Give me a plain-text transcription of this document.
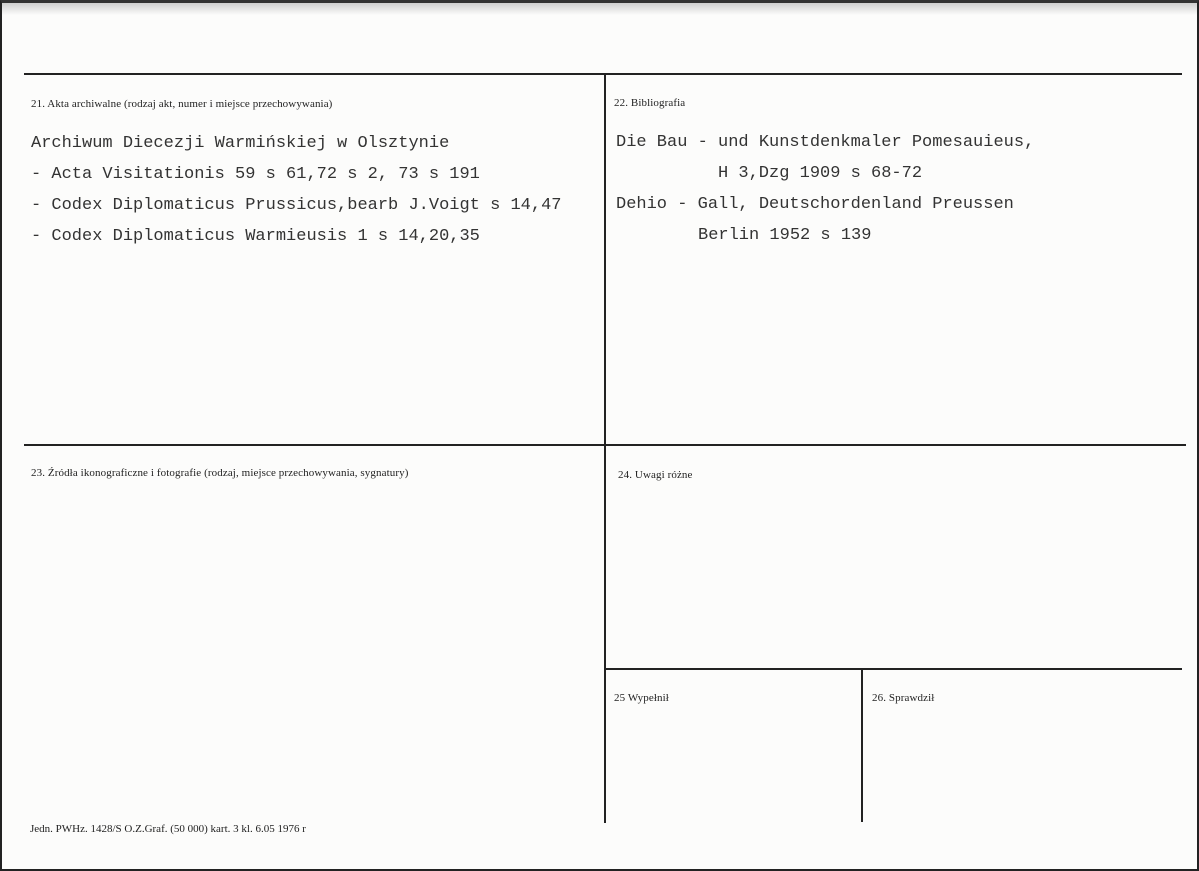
21. Akta archiwalne (rodzaj akt, numer i miejsce przechowywania)
Archiwum Diecezji Warmińskiej w Olsztynie
- Acta Visitationis 59 s 61,72 s 2, 73 s 191
- Codex Diplomaticus Prussicus,bearb J.Voigt s 14,47
- Codex Diplomaticus Warmieusis 1 s 14,20,35
22. Bibliografia
Die Bau - und Kunstdenkmaler Pomesauieus,
H 3,Dzg 1909 s 68-72
Dehio - Gall, Deutschordenland Preussen
Berlin 1952 s 139
23. Źródła ikonograficzne i fotografie (rodzaj, miejsce przechowywania, sygnatury)	24. Uwagi różne
25 Wypełnił	26. Sprawdził
Jedn. PWHz. 1428/S O.Z.Graf. (50 000) kart. 3 kl. 6.05 1976 r
